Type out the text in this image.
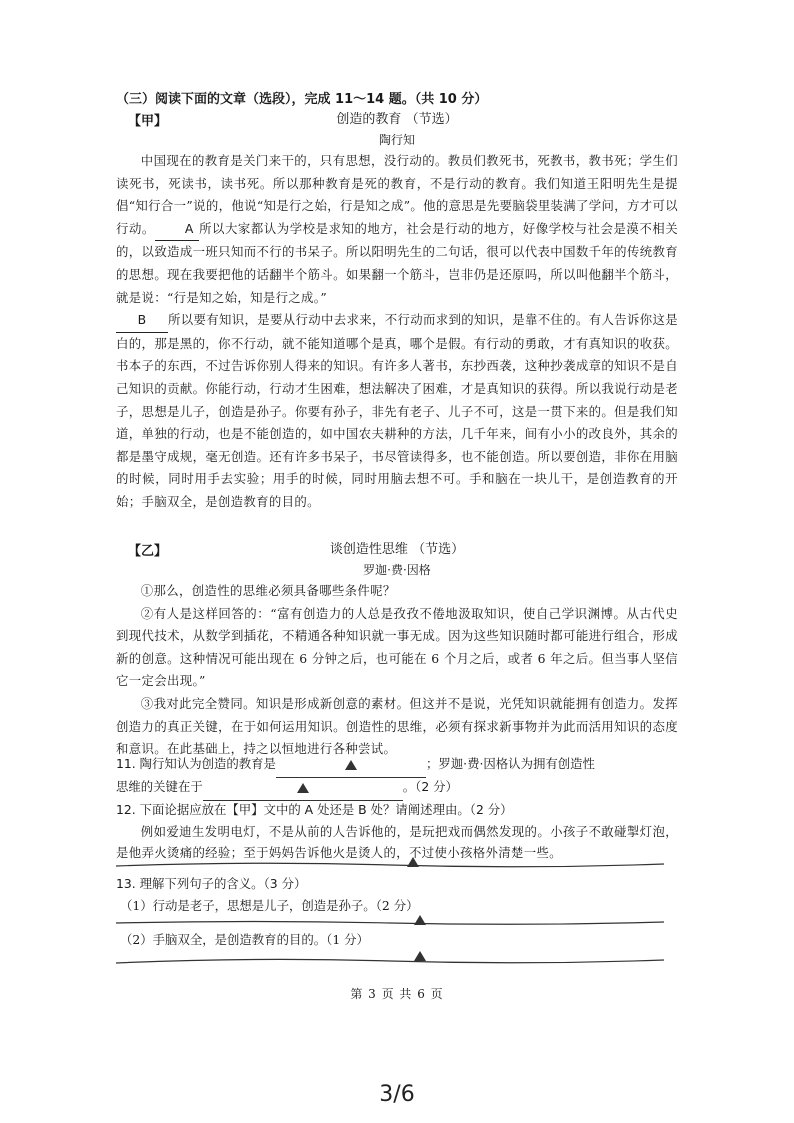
（三）阅读下面的文章（选段），完成 11～14 题。（共 10 分）
【甲】	创造的教育 （节选）
陶行知

中国现在的教育是关门来干的，只有思想，没行动的。教员们教死书，死教书，教书死；学生们读死书，死读书，读书死。所以那种教育是死的教育，不是行动的教育。我们知道王阳明先生是提倡“知行合一”说的，他说“知是行之始，行是知之成”。他的意思是先要脑袋里装满了学问，方才可以行动。 A 所以大家都认为学校是求知的地方，社会是行动的地方，好像学校与社会是漠不相关的，以致造成一班只知而不行的书呆子。所以阳明先生的二句话，很可以代表中国数千年的传统教育的思想。现在我要把他的话翻半个筋斗。如果翻一个筋斗，岂非仍是还原吗，所以叫他翻半个筋斗，就是说：“行是知之始，知是行之成。”

B 所以要有知识，是要从行动中去求来，不行动而求到的知识，是靠不住的。有人告诉你这是白的，那是黑的，你不行动，就不能知道哪个是真，哪个是假。有行动的勇敢，才有真知识的收获。书本子的东西，不过告诉你别人得来的知识。有许多人著书，东抄西袭，这种抄袭成章的知识不是自己知识的贡献。你能行动，行动才生困难，想法解决了困难，才是真知识的获得。所以我说行动是老子，思想是儿子，创造是孙子。你要有孙子，非先有老子、儿子不可，这是一贯下来的。但是我们知道，单独的行动，也是不能创造的，如中国农夫耕种的方法，几千年来，间有小小的改良外，其余的都是墨守成规，毫无创造。还有许多书呆子，书尽管读得多，也不能创造。所以要创造，非你在用脑的时候，同时用手去实验；用手的时候，同时用脑去想不可。手和脑在一块儿干，是创造教育的开始；手脑双全，是创造教育的目的。

【乙】	谈创造性思维 （节选）
罗迦·费·因格

①那么，创造性的思维必须具备哪些条件呢？

②有人是这样回答的：“富有创造力的人总是孜孜不倦地汲取知识，使自己学识渊博。从古代史到现代技术，从数学到插花，不精通各种知识就一事无成。因为这些知识随时都可能进行组合，形成新的创意。这种情况可能出现在 6 分钟之后，也可能在 6 个月之后，或者 6 年之后。但当事人坚信它一定会出现。”

③我对此完全赞同。知识是形成新创意的素材。但这并不是说，光凭知识就能拥有创造力。发挥创造力的真正关键，在于如何运用知识。创造性的思维，必须有探求新事物并为此而活用知识的态度和意识。在此基础上，持之以恒地进行各种尝试。

11. 陶行知认为创造的教育是	；罗迦·费·因格认为拥有创造性
思维的关键在于	。（2 分）
12. 下面论据应放在【甲】文中的 A 处还是 B 处？请阐述理由。（2 分）

例如爱迪生发明电灯，不是从前的人告诉他的，是玩把戏而偶然发现的。小孩子不敢碰掣灯泡，是他弄火烫痛的经验；至于妈妈告诉他火是烫人的，不过使小孩格外清楚一些。

13. 理解下列句子的含义。（3 分）
（1）行动是老子，思想是儿子，创造是孙子。（2 分）
（2）手脑双全，是创造教育的目的。（1 分）
第 3 页 共 6 页
3/6
